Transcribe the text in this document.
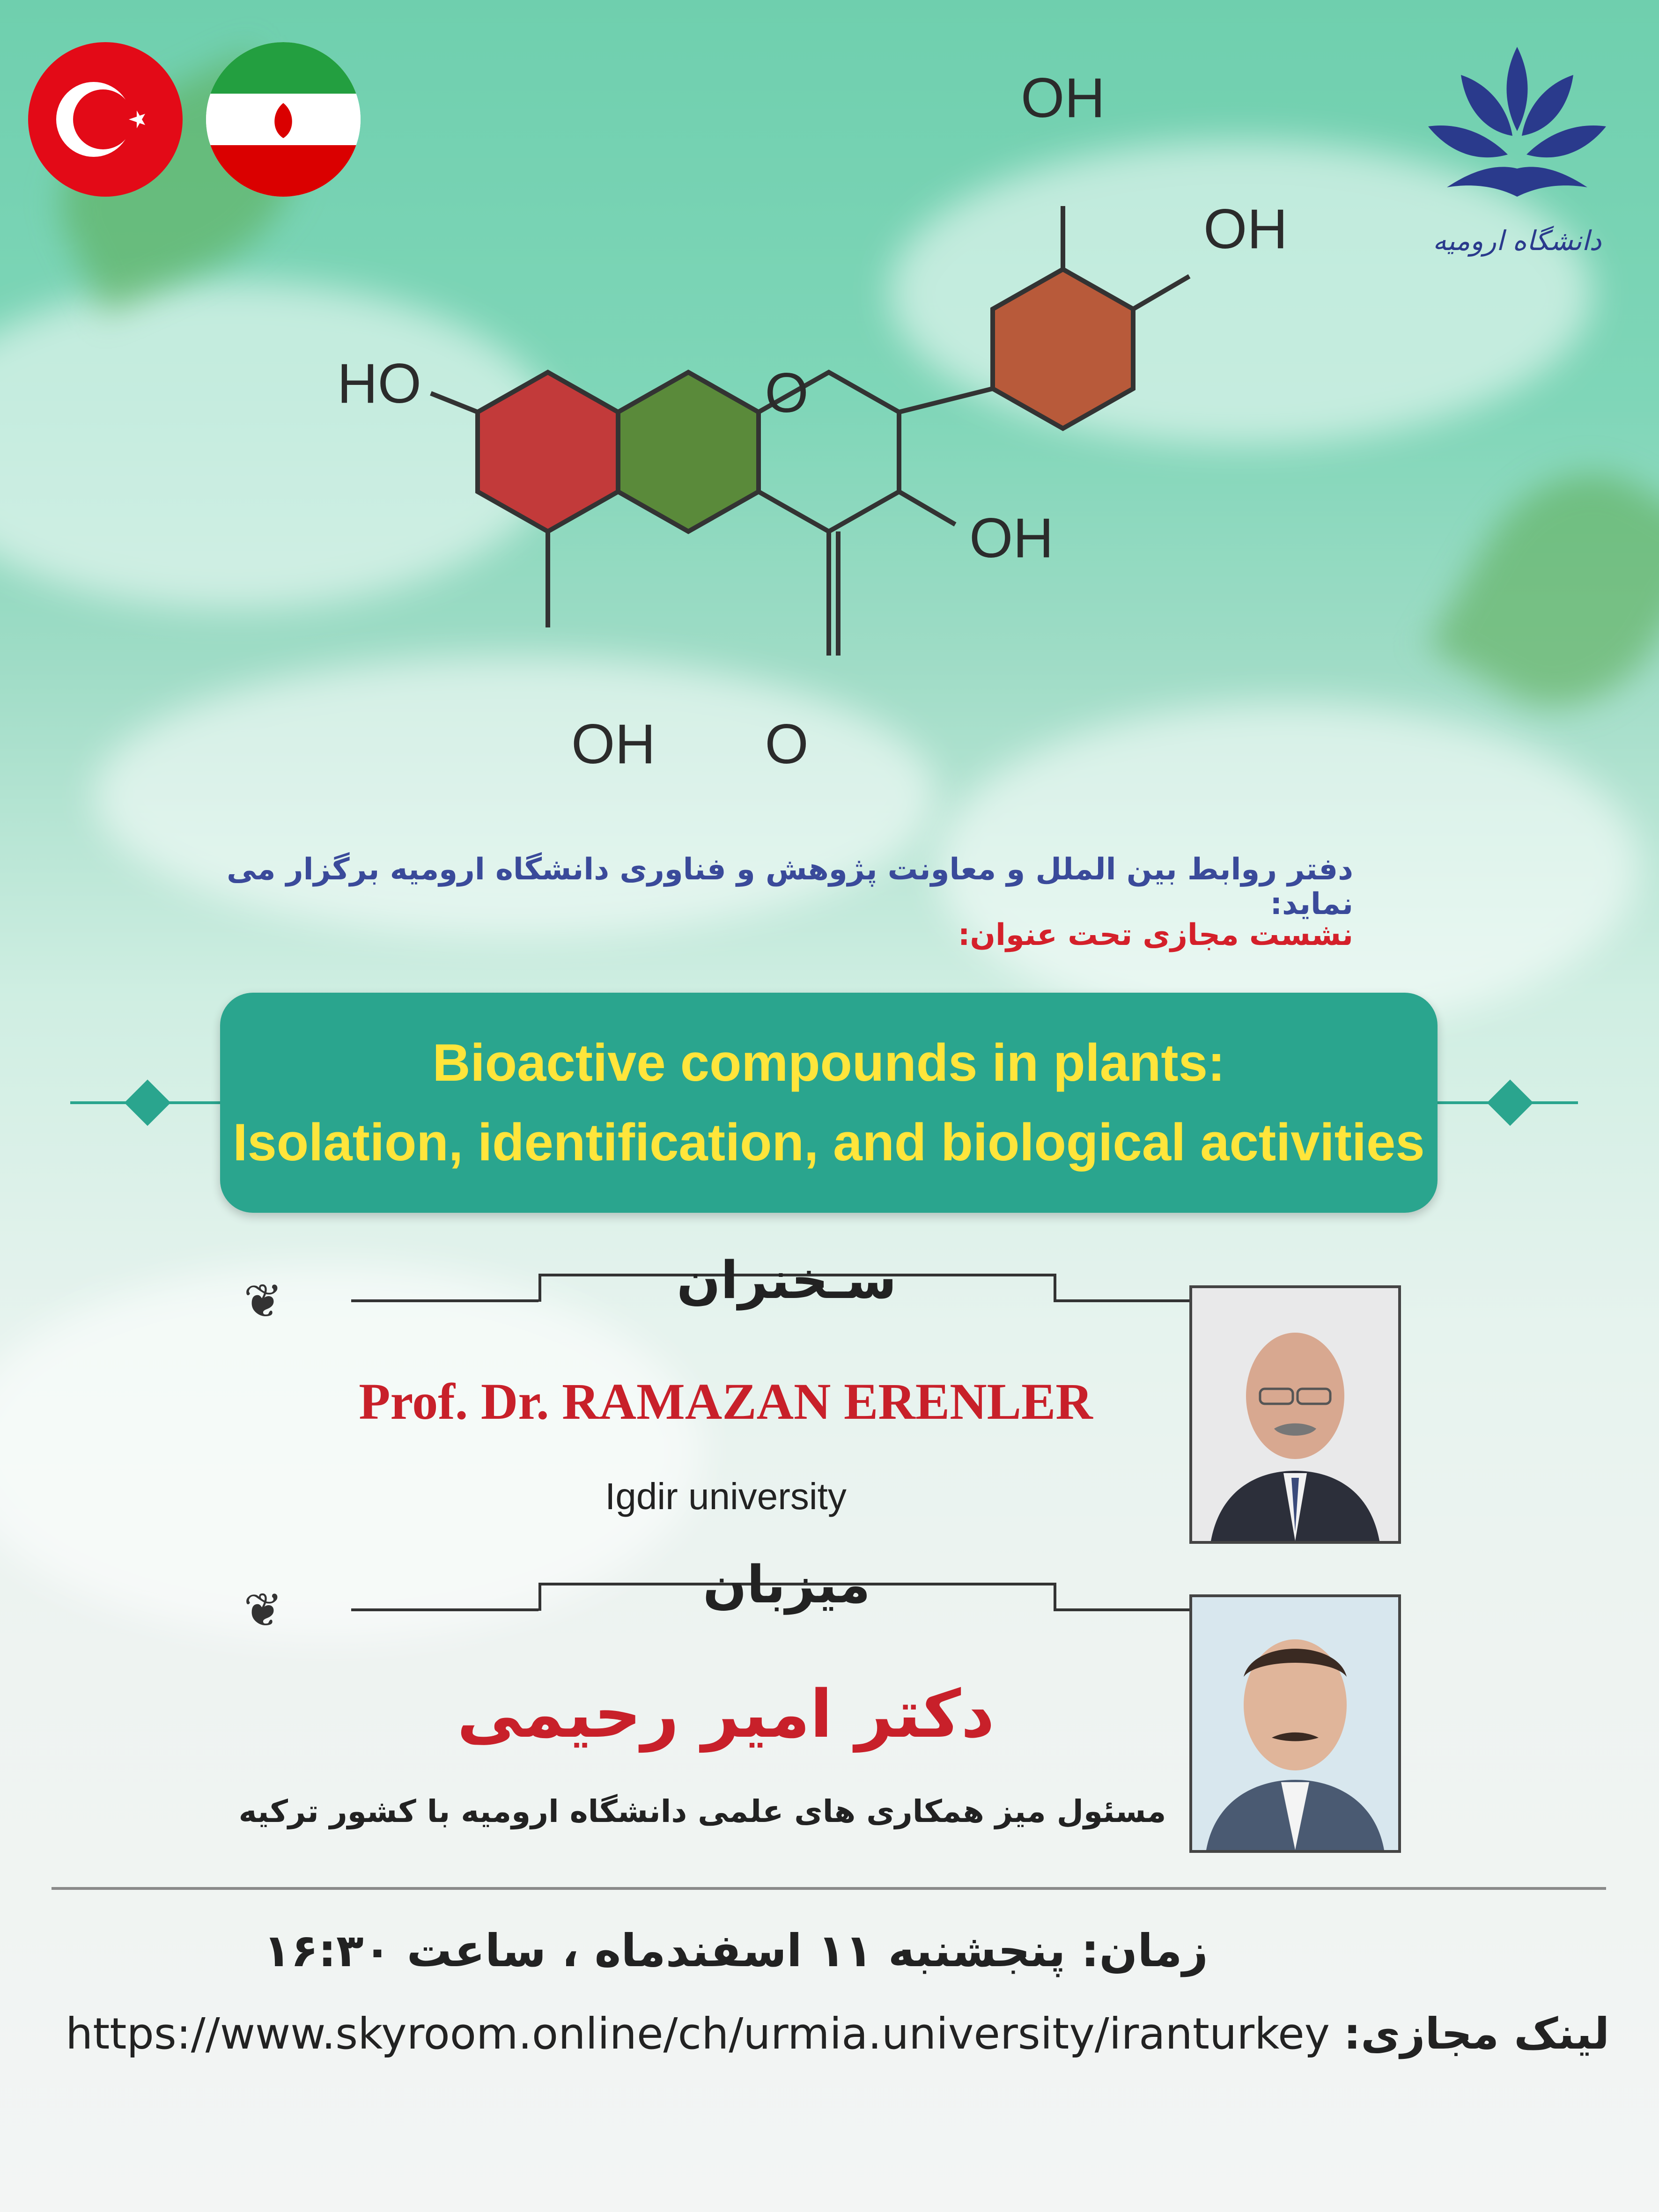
دانشگاه ارومیه
OH
OH
HO	O
OH
OH O
دفتر روابط بین الملل و معاونت پژوهش و فناوری دانشگاه ارومیه برگزار می نماید:
نشست مجازی تحت عنوان:
Bioactive compounds in plants:
Isolation, identification, and biological activities
❦	سـخنران
Prof. Dr. RAMAZAN ERENLER
Igdir university
❦	میزبان
دکتر امیر رحیمی
مسئول میز همکاری های علمی دانشگاه ارومیه با کشور ترکیه
زمان: پنجشنبه ۱۱ اسفندماه ، ساعت ۱۶:۳۰
https://www.skyroom.online/ch/urmia.university/iranturkey :لینک مجازی
